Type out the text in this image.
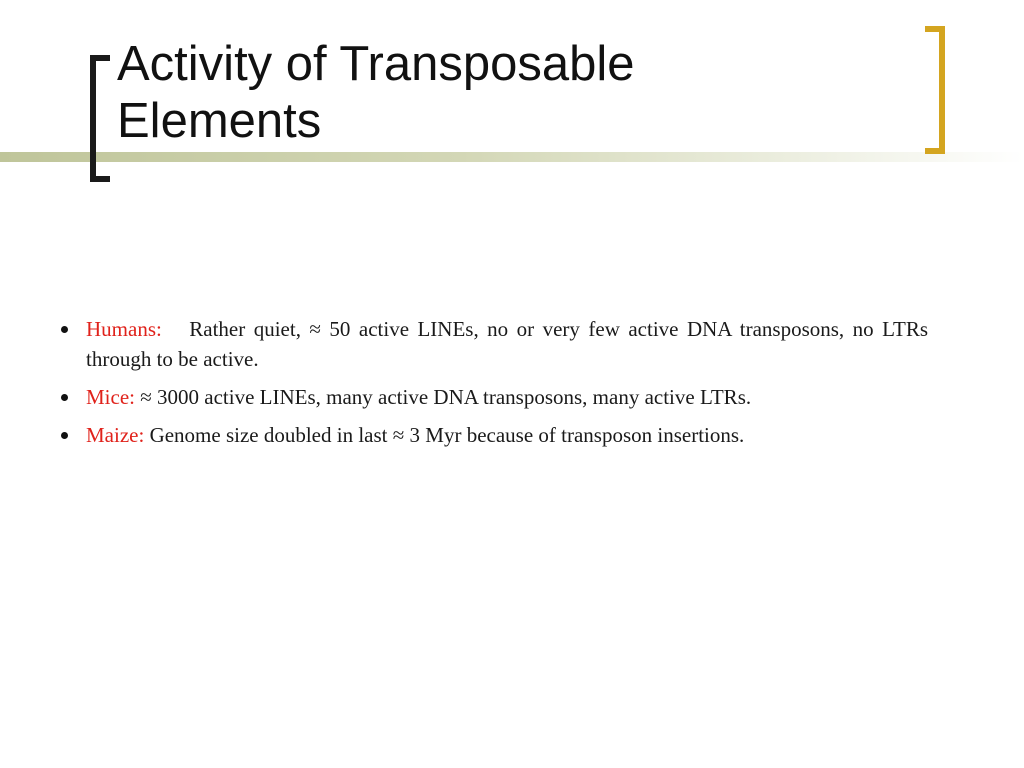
Activity of Transposable
Elements
Humans: Rather quiet, ≈ 50 active LINEs, no or very few active DNA transposons, no LTRs through to be active.
Mice: ≈ 3000 active LINEs, many active DNA transposons, many active LTRs.
Maize: Genome size doubled in last ≈ 3 Myr because of transposon insertions.
